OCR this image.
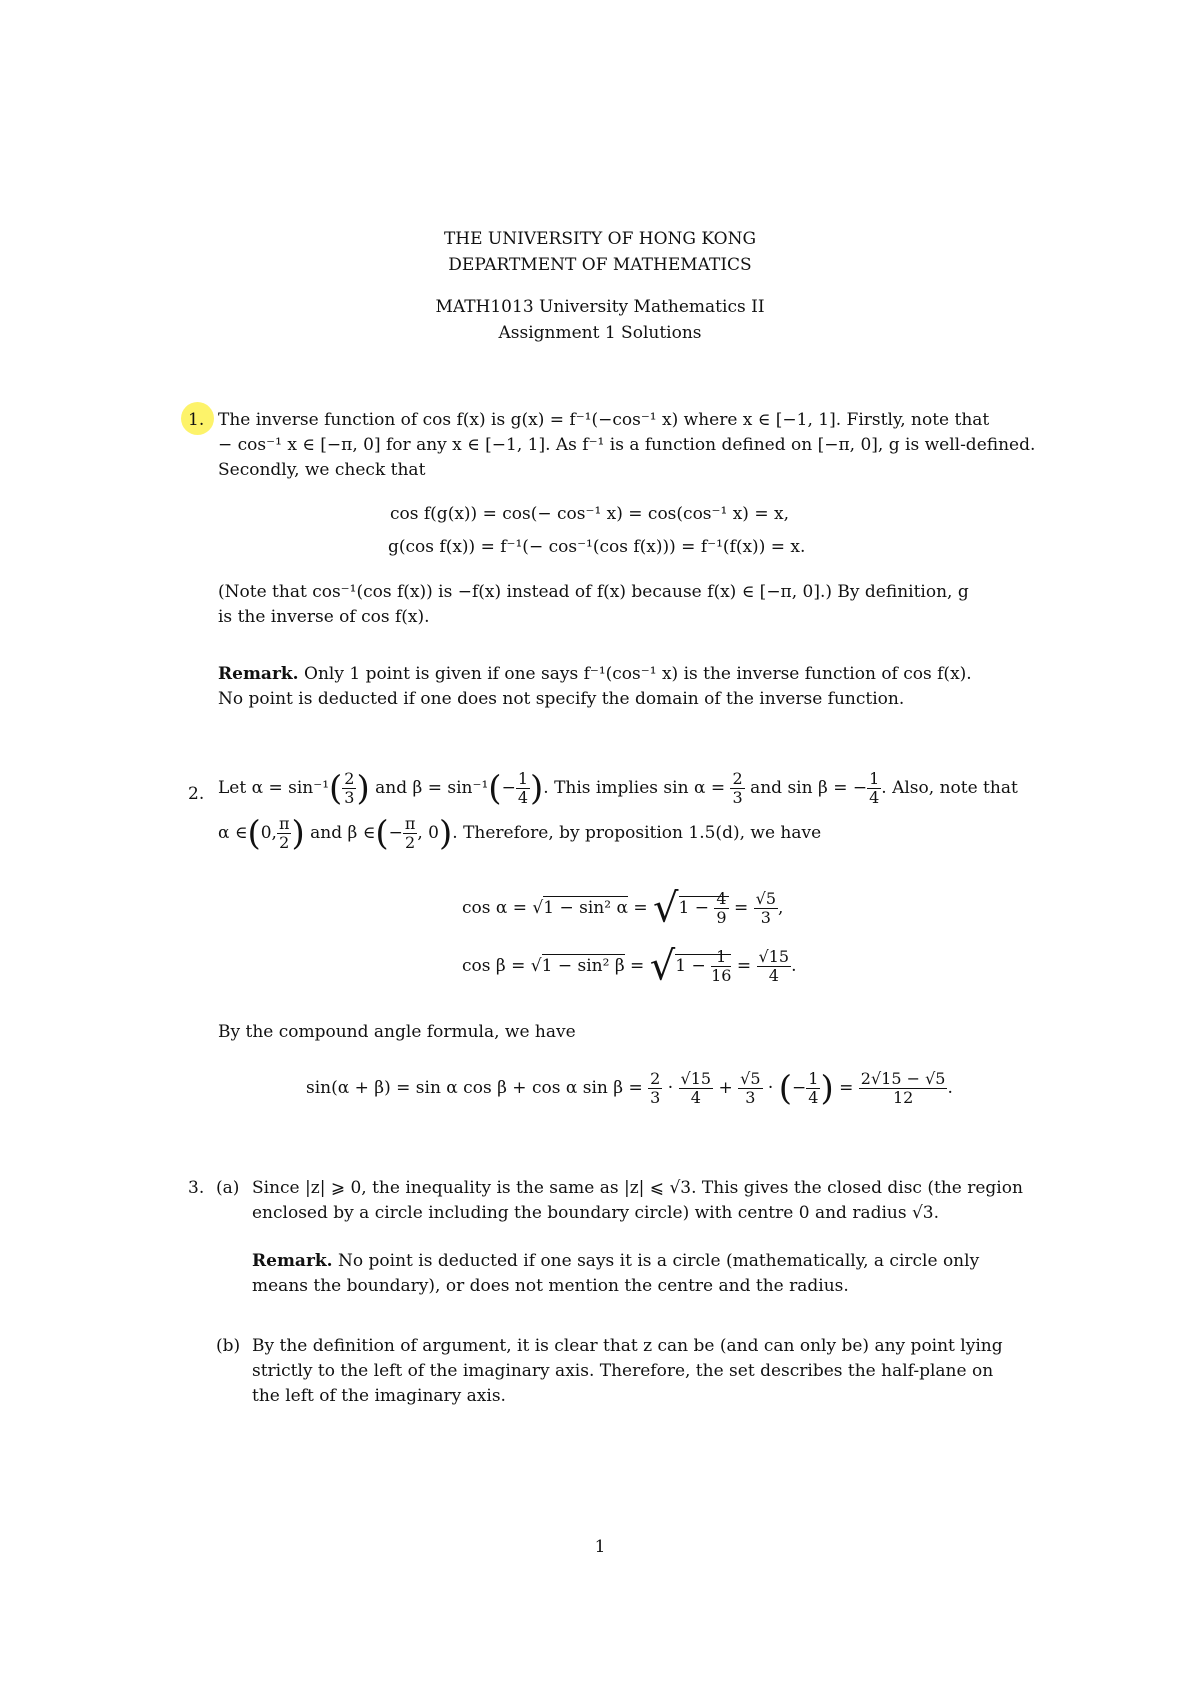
THE UNIVERSITY OF HONG KONG
DEPARTMENT OF MATHEMATICS
MATH1013 University Mathematics II
Assignment 1 Solutions
1. The inverse function of cos f(x) is g(x) = f⁻¹(−cos⁻¹ x) where x ∈ [−1, 1]. Firstly, note that
− cos⁻¹ x ∈ [−π, 0] for any x ∈ [−1, 1]. As f⁻¹ is a function defined on [−π, 0], g is well-defined.
Secondly, we check that
cos f(g(x)) = cos(− cos⁻¹ x) = cos(cos⁻¹ x) = x,
g(cos f(x)) = f⁻¹(− cos⁻¹(cos f(x))) = f⁻¹(f(x)) = x.
(Note that cos⁻¹(cos f(x)) is −f(x) instead of f(x) because f(x) ∈ [−π, 0].) By definition, g
is the inverse of cos f(x).
Remark. Only 1 point is given if one says f⁻¹(cos⁻¹ x) is the inverse function of cos f(x).
No point is deducted if one does not specify the domain of the inverse function.
2. Let $\alpha = \sin^{-1}( \frac{2}{3}$ ) and $\beta = \sin^{-1}(- \frac{1}{4}$ ). This implies $\sin \alpha = \frac{2}{3}$ and sin β = − $\frac{1}{4}$ . Also, note that
α ∈(0, $\frac{\pi}{2}$ ) and β ∈(− $\frac{\pi}{2}$ , 0). Therefore, by proposition 1.5(d), we have
cos α = √1 − sin² $\alpha = √1 - \frac{4}{9} = \frac{√5}{3}$ ,
cos β = √1 − sin² $\beta = √1 - \frac{1}{16} = \frac{√15}{4}$ .
By the compound angle formula, we have
sin(α + β) = sin α cos β + cos α $\sin \beta = \frac{2}{3} \cdot \frac{√15}{4} + \frac{√5}{3}$ · (− $\frac{1}{4}$ ) = $\frac{2√15 - √5}{12}$ .
3. (a) Since |z| ⩾ 0, the inequality is the same as |z| ⩽ √3. This gives the closed disc (the region
enclosed by a circle including the boundary circle) with centre 0 and radius √3.
Remark. No point is deducted if one says it is a circle (mathematically, a circle only
means the boundary), or does not mention the centre and the radius.
(b) By the definition of argument, it is clear that z can be (and can only be) any point lying
strictly to the left of the imaginary axis. Therefore, the set describes the half-plane on
the left of the imaginary axis.
1
